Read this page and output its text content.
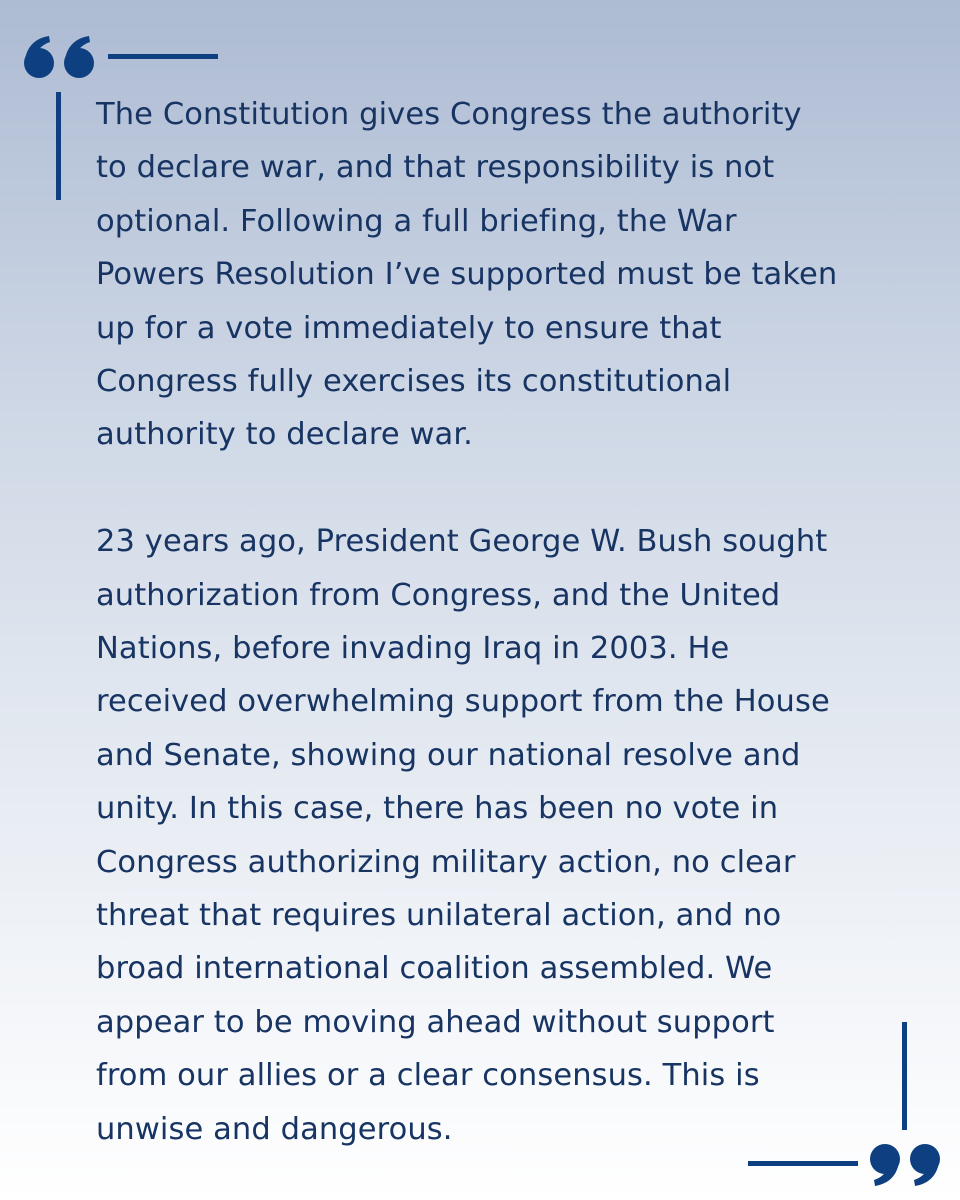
The Constitution gives Congress the authority
to declare war, and that responsibility is not
optional. Following a full briefing, the War
Powers Resolution I’ve supported must be taken
up for a vote immediately to ensure that
Congress fully exercises its constitutional
authority to declare war.

23 years ago, President George W. Bush sought
authorization from Congress, and the United
Nations, before invading Iraq in 2003. He
received overwhelming support from the House
and Senate, showing our national resolve and
unity. In this case, there has been no vote in
Congress authorizing military action, no clear
threat that requires unilateral action, and no
broad international coalition assembled. We
appear to be moving ahead without support
from our allies or a clear consensus. This is
unwise and dangerous.
